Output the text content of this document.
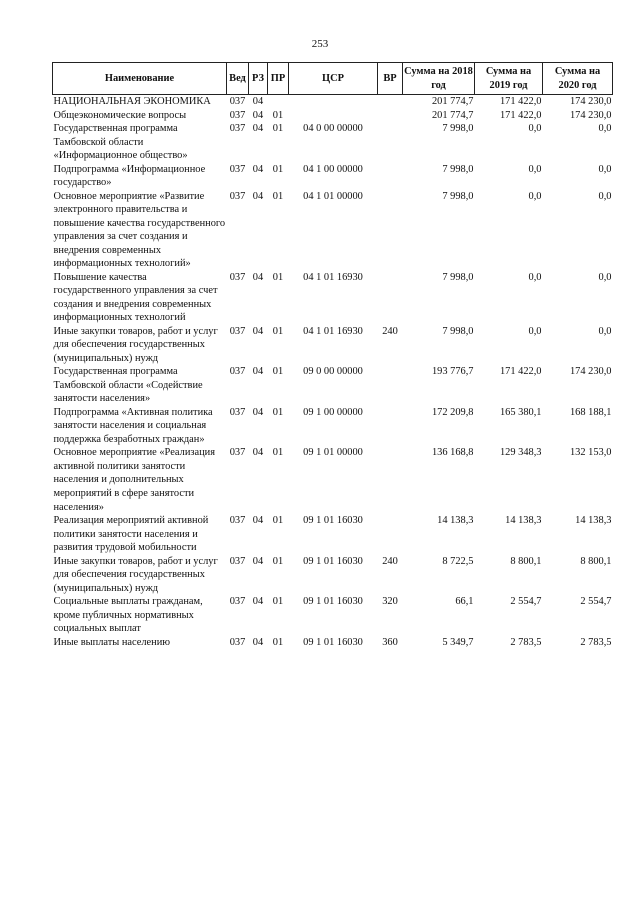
253
Наименование	Вед	РЗ	ПР	ЦСР	ВР	Сумма на 2018 год	Сумма на 2019 год	Сумма на 2020 год
НАЦИОНАЛЬНАЯ ЭКОНОМИКА	037	04				201 774,7	171 422,0	174 230,0
Общеэкономические вопросы	037	04	01			201 774,7	171 422,0	174 230,0
Государственная программа Тамбовской области «Информационное общество»	037	04	01	04 0 00 00000		7 998,0	0,0	0,0
Подпрограмма «Информационное государство»	037	04	01	04 1 00 00000		7 998,0	0,0	0,0
Основное мероприятие «Развитие электронного правительства и повышение качества государственного управления за счет создания и внедрения современных информационных технологий»	037	04	01	04 1 01 00000		7 998,0	0,0	0,0
Повышение качества государственного управления за счет создания и внедрения современных информационных технологий	037	04	01	04 1 01 16930		7 998,0	0,0	0,0
Иные закупки товаров, работ и услуг для обеспечения государственных (муниципальных) нужд	037	04	01	04 1 01 16930	240	7 998,0	0,0	0,0
Государственная программа Тамбовской области «Содействие занятости населения»	037	04	01	09 0 00 00000		193 776,7	171 422,0	174 230,0
Подпрограмма «Активная политика занятости населения и социальная поддержка безработных граждан»	037	04	01	09 1 00 00000		172 209,8	165 380,1	168 188,1
Основное мероприятие «Реализация активной политики занятости населения и дополнительных мероприятий в сфере занятости населения»	037	04	01	09 1 01 00000		136 168,8	129 348,3	132 153,0
Реализация мероприятий активной политики занятости населения и развития трудовой мобильности	037	04	01	09 1 01 16030		14 138,3	14 138,3	14 138,3
Иные закупки товаров, работ и услуг для обеспечения государственных (муниципальных) нужд	037	04	01	09 1 01 16030	240	8 722,5	8 800,1	8 800,1
Социальные выплаты гражданам, кроме публичных нормативных социальных выплат	037	04	01	09 1 01 16030	320	66,1	2 554,7	2 554,7
Иные выплаты населению	037	04	01	09 1 01 16030	360	5 349,7	2 783,5	2 783,5
